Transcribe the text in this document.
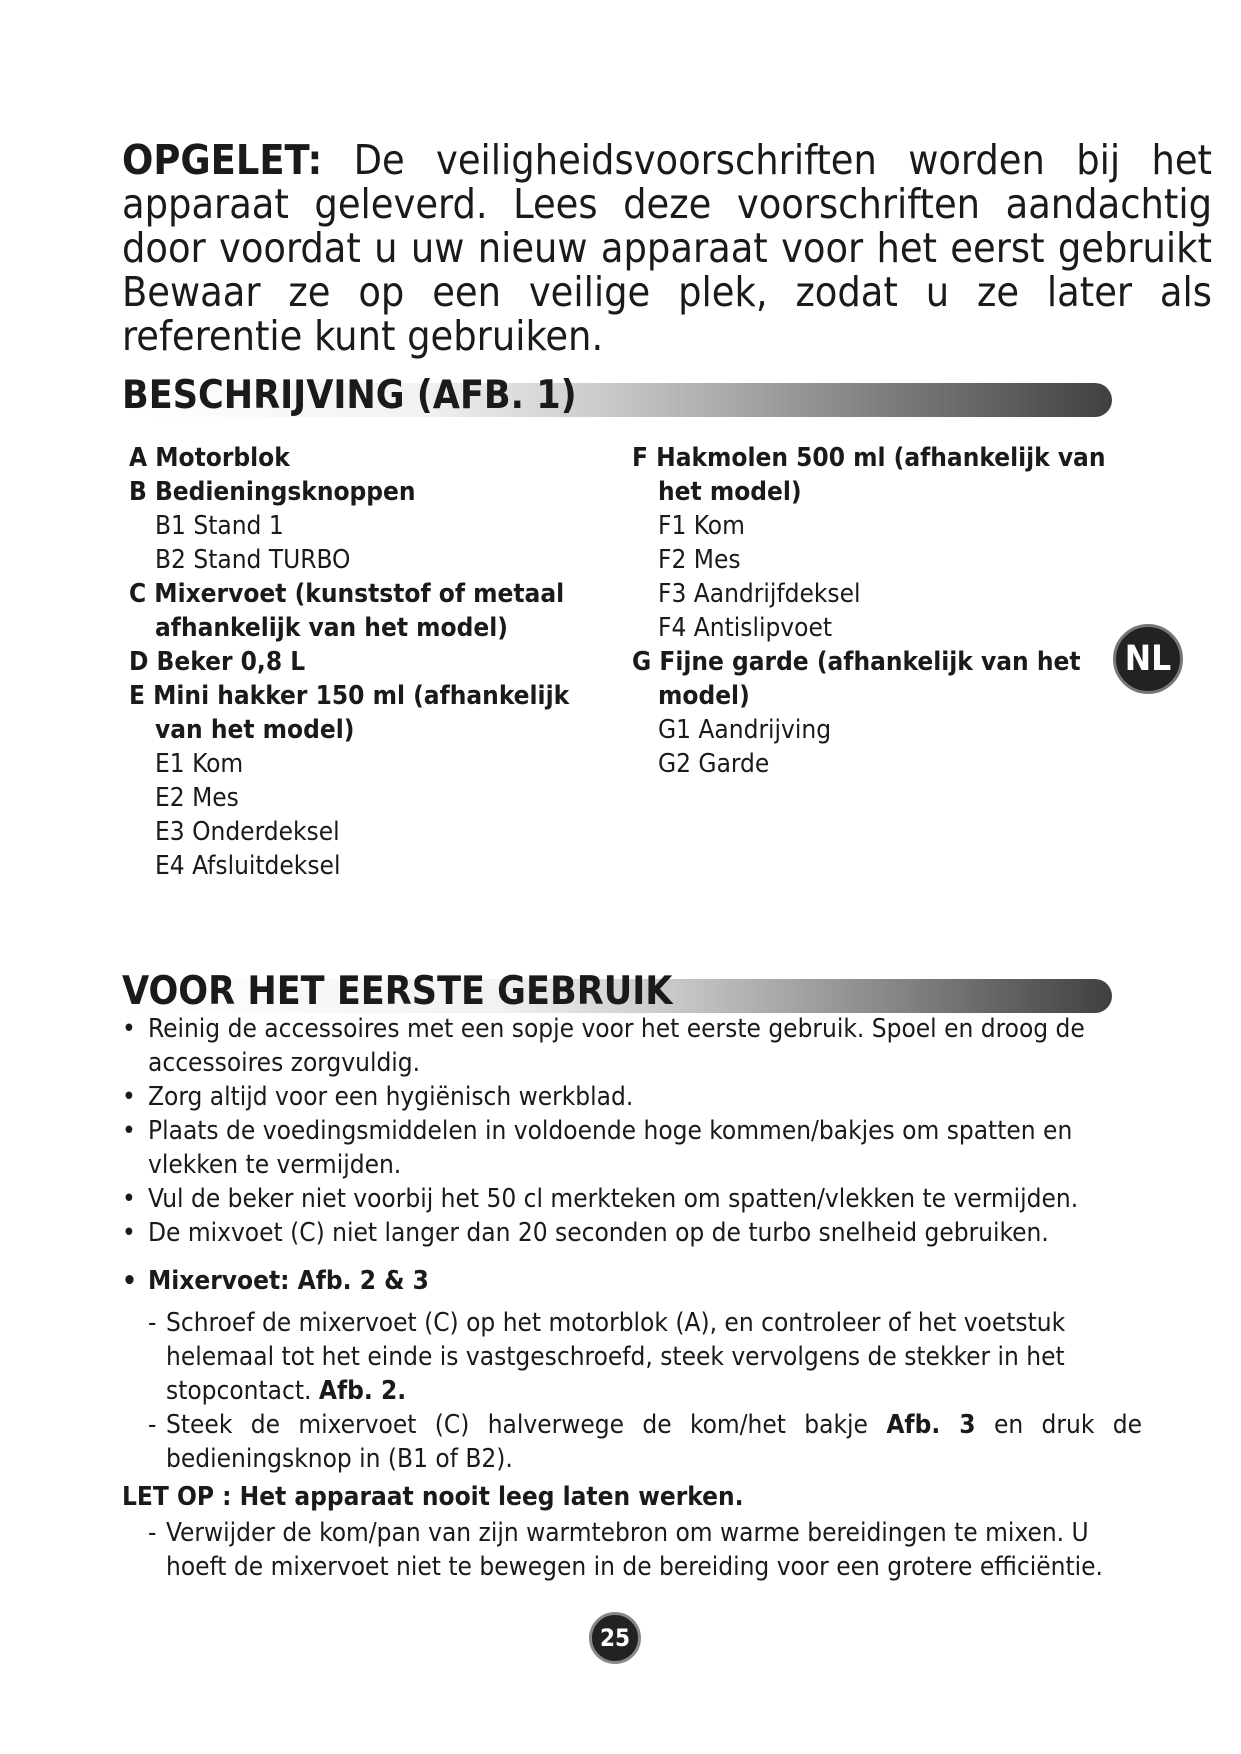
OPGELET: De veiligheidsvoorschriften worden bij het
apparaat geleverd. Lees deze voorschriften aandachtig
door voordat u uw nieuw apparaat voor het eerst gebruikt
Bewaar ze op een veilige plek, zodat u ze later als
referentie kunt gebruiken.
BESCHRIJVING (AFB. 1)
A Motorblok
B Bedieningsknoppen
B1 Stand 1
B2 Stand TURBO
C Mixervoet (kunststof of metaal
afhankelijk van het model)
D Beker 0,8 L
E Mini hakker 150 ml (afhankelijk
van het model)
E1 Kom
E2 Mes
E3 Onderdeksel
E4 Afsluitdeksel
F Hakmolen 500 ml (afhankelijk van
het model)
F1 Kom
F2 Mes
F3 Aandrijfdeksel
F4 Antislipvoet
G Fijne garde (afhankelijk van het
model)
G1 Aandrijving
G2 Garde
NL
VOOR HET EERSTE GEBRUIK

• Reinig de accessoires met een sopje voor het eerste gebruik. Spoel en droog de accessoires zorgvuldig.

• Zorg altijd voor een hygiënisch werkblad.

• Plaats de voedingsmiddelen in voldoende hoge kommen/bakjes om spatten en vlekken te vermijden.

• Vul de beker niet voorbij het 50 cl merkteken om spatten/vlekken te vermijden.

• De mixvoet (C) niet langer dan 20 seconden op de turbo snelheid gebruiken.

• Mixervoet: Afb. 2 & 3

- Schroef de mixervoet (C) op het motorblok (A), en controleer of het voetstuk helemaal tot het einde is vastgeschroefd, steek vervolgens de stekker in het stopcontact. Afb. 2.

- Steek de mixervoet (C) halverwege de kom/het bakje Afb. 3 en druk de bedieningsknop in (B1 of B2).

LET OP : Het apparaat nooit leeg laten werken.

- Verwijder de kom/pan van zijn warmtebron om warme bereidingen te mixen. U hoeft de mixervoet niet te bewegen in de bereiding voor een grotere efficiëntie.

25
